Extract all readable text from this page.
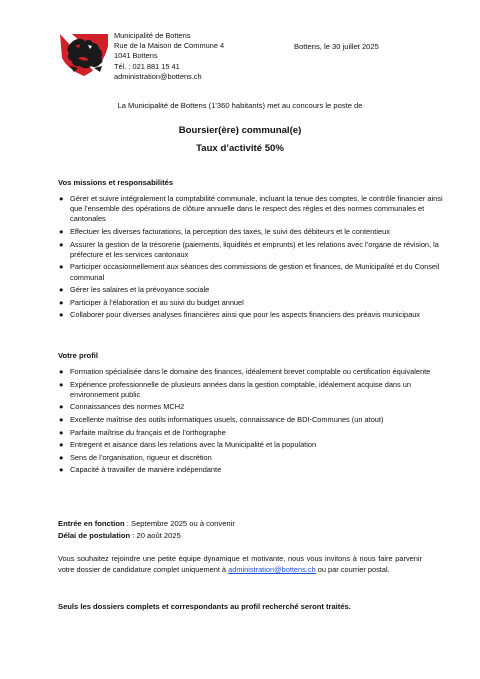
Municipalité de Bottens
Rue de la Maison de Commune 4
1041 Bottens
Tél. : 021 881 15 41
administration@bottens.ch
Bottens, le 30 juillet 2025
La Municipalité de Bottens (1'360 habitants) met au concours le poste de
Boursier(ère) communal(e)
Taux d’activité 50%
Vos missions et responsabilités
● Gérer et suivre intégralement la comptabilité communale, incluant la tenue des comptes, le contrôle financier ainsi que l’ensemble des opérations de clôture annuelle dans le respect des règles et des normes communales et cantonales
● Effectuer les diverses facturations, la perception des taxes, le suivi des débiteurs et le contentieux
● Assurer la gestion de la trésorerie (paiements, liquidités et emprunts) et les relations avec l’organe de révision, la préfecture et les services cantonaux
● Participer occasionnellement aux séances des commissions de gestion et finances, de Municipalité et du Conseil communal
● Gérer les salaires et la prévoyance sociale
● Participer à l’élaboration et au suivi du budget annuel
● Collaborer pour diverses analyses financières ainsi que pour les aspects financiers des préavis municipaux
Votre profil
● Formation spécialisée dans le domaine des finances, idéalement brevet comptable ou certification équivalente
● Expérience professionnelle de plusieurs années dans la gestion comptable, idéalement acquise dans un environnement public
● Connaissances des normes MCH2
● Excellente maîtrise des outils informatiques usuels, connaissance de BDI-Communes (un atout)
● Parfaite maîtrise du français et de l’orthographe
● Entregent et aisance dans les relations avec la Municipalité et la population
● Sens de l’organisation, rigueur et discrétion
● Capacité à travailler de manière indépendante
Entrée en fonction : Septembre 2025 ou à convenir
Délai de postulation : 20 août 2025
Vous souhaitez rejoindre une petite équipe dynamique et motivante, nous vous invitons à nous faire parvenir votre dossier de candidature complet uniquement à administration@bottens.ch ou par courrier postal.
Seuls les dossiers complets et correspondants au profil recherché seront traités.
